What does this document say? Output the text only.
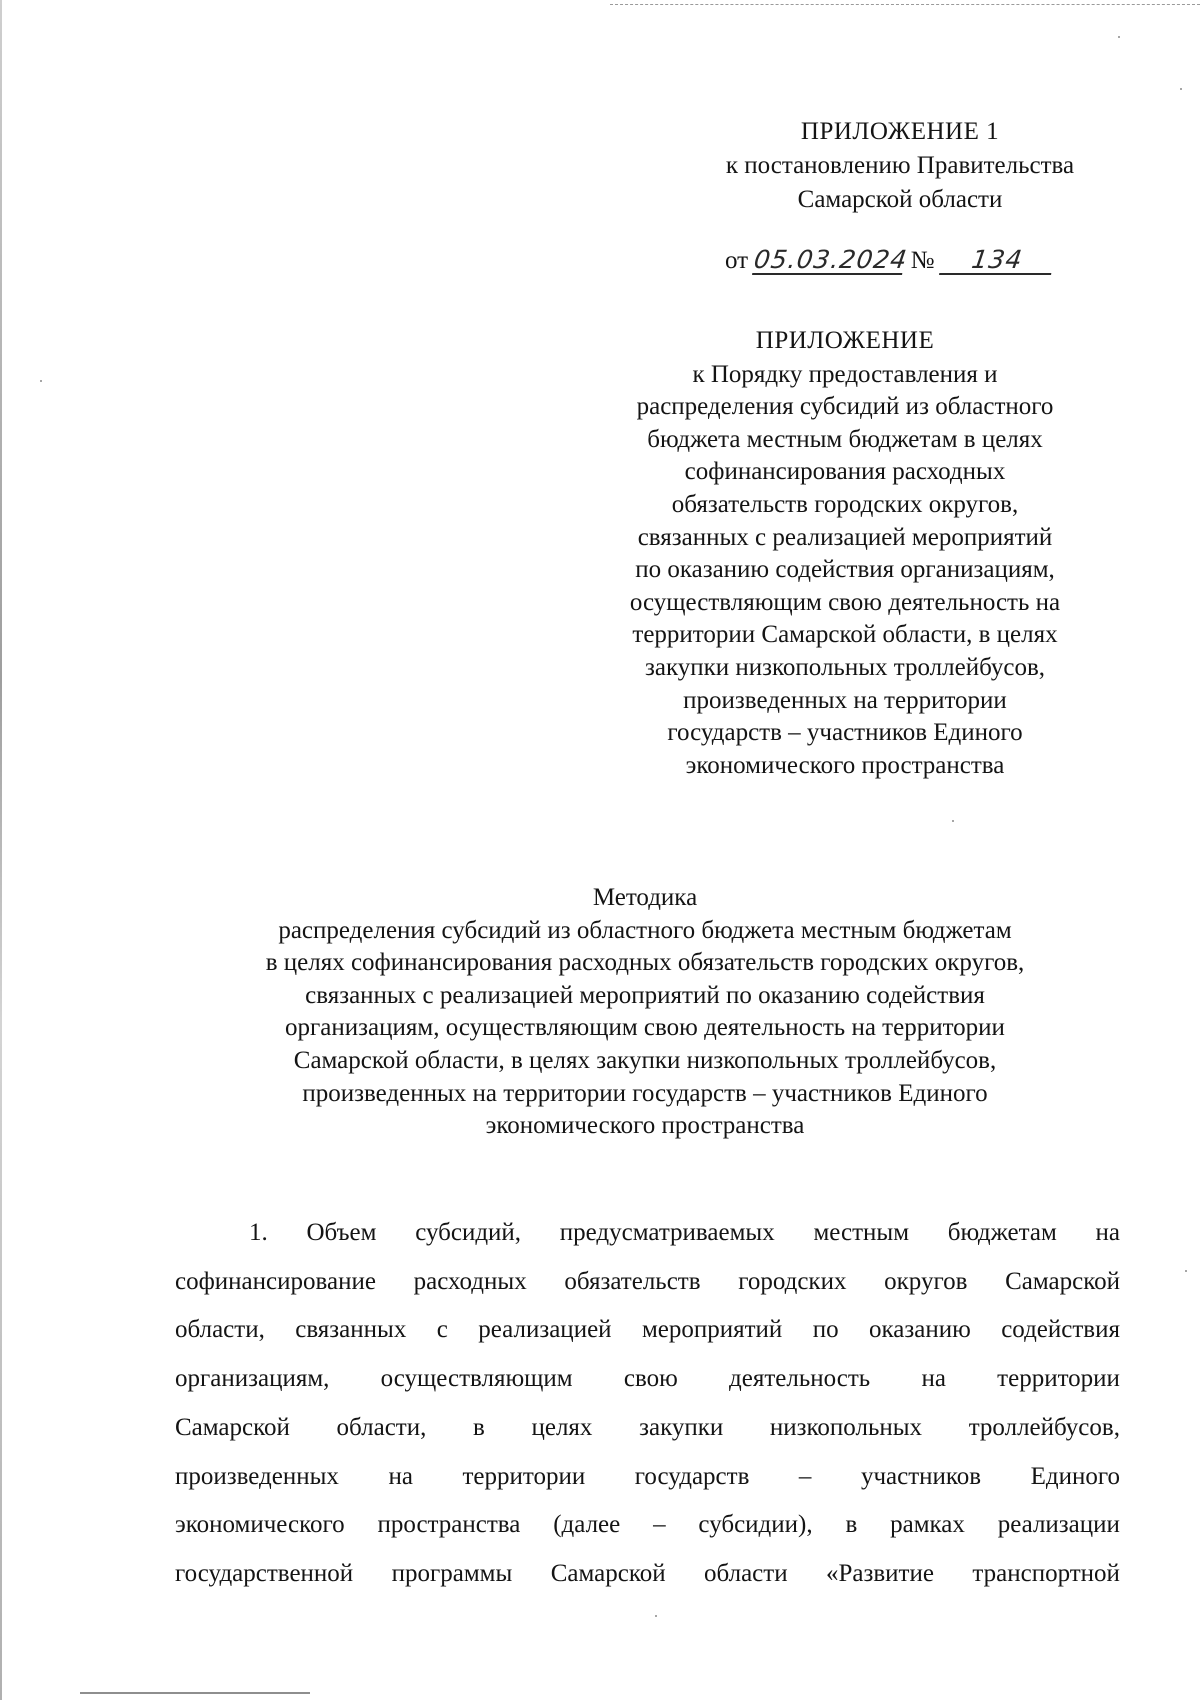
ПРИЛОЖЕНИЕ 1
к постановлению Правительства
Самарской области
от 05.03.2024 № 134
ПРИЛОЖЕНИЕ
к Порядку предоставления и
распределения субсидий из областного
бюджета местным бюджетам в целях
софинансирования расходных
обязательств городских округов,
связанных с реализацией мероприятий
по оказанию содействия организациям,
осуществляющим свою деятельность на
территории Самарской области, в целях
закупки низкопольных троллейбусов,
произведенных на территории
государств – участников Единого
экономического пространства
Методика
распределения субсидий из областного бюджета местным бюджетам
в целях софинансирования расходных обязательств городских округов,
связанных с реализацией мероприятий по оказанию содействия
организациям, осуществляющим свою деятельность на территории
Самарской области, в целях закупки низкопольных троллейбусов,
произведенных на территории государств – участников Единого
экономического пространства
1. Объем субсидий, предусматриваемых местным бюджетам на
софинансирование расходных обязательств городских округов Самарской
области, связанных с реализацией мероприятий по оказанию содействия
организациям, осуществляющим свою деятельность на территории
Самарской области, в целях закупки низкопольных троллейбусов,
произведенных на территории государств – участников Единого
экономического пространства (далее – субсидии), в рамках реализации
государственной программы Самарской области «Развитие транспортной
